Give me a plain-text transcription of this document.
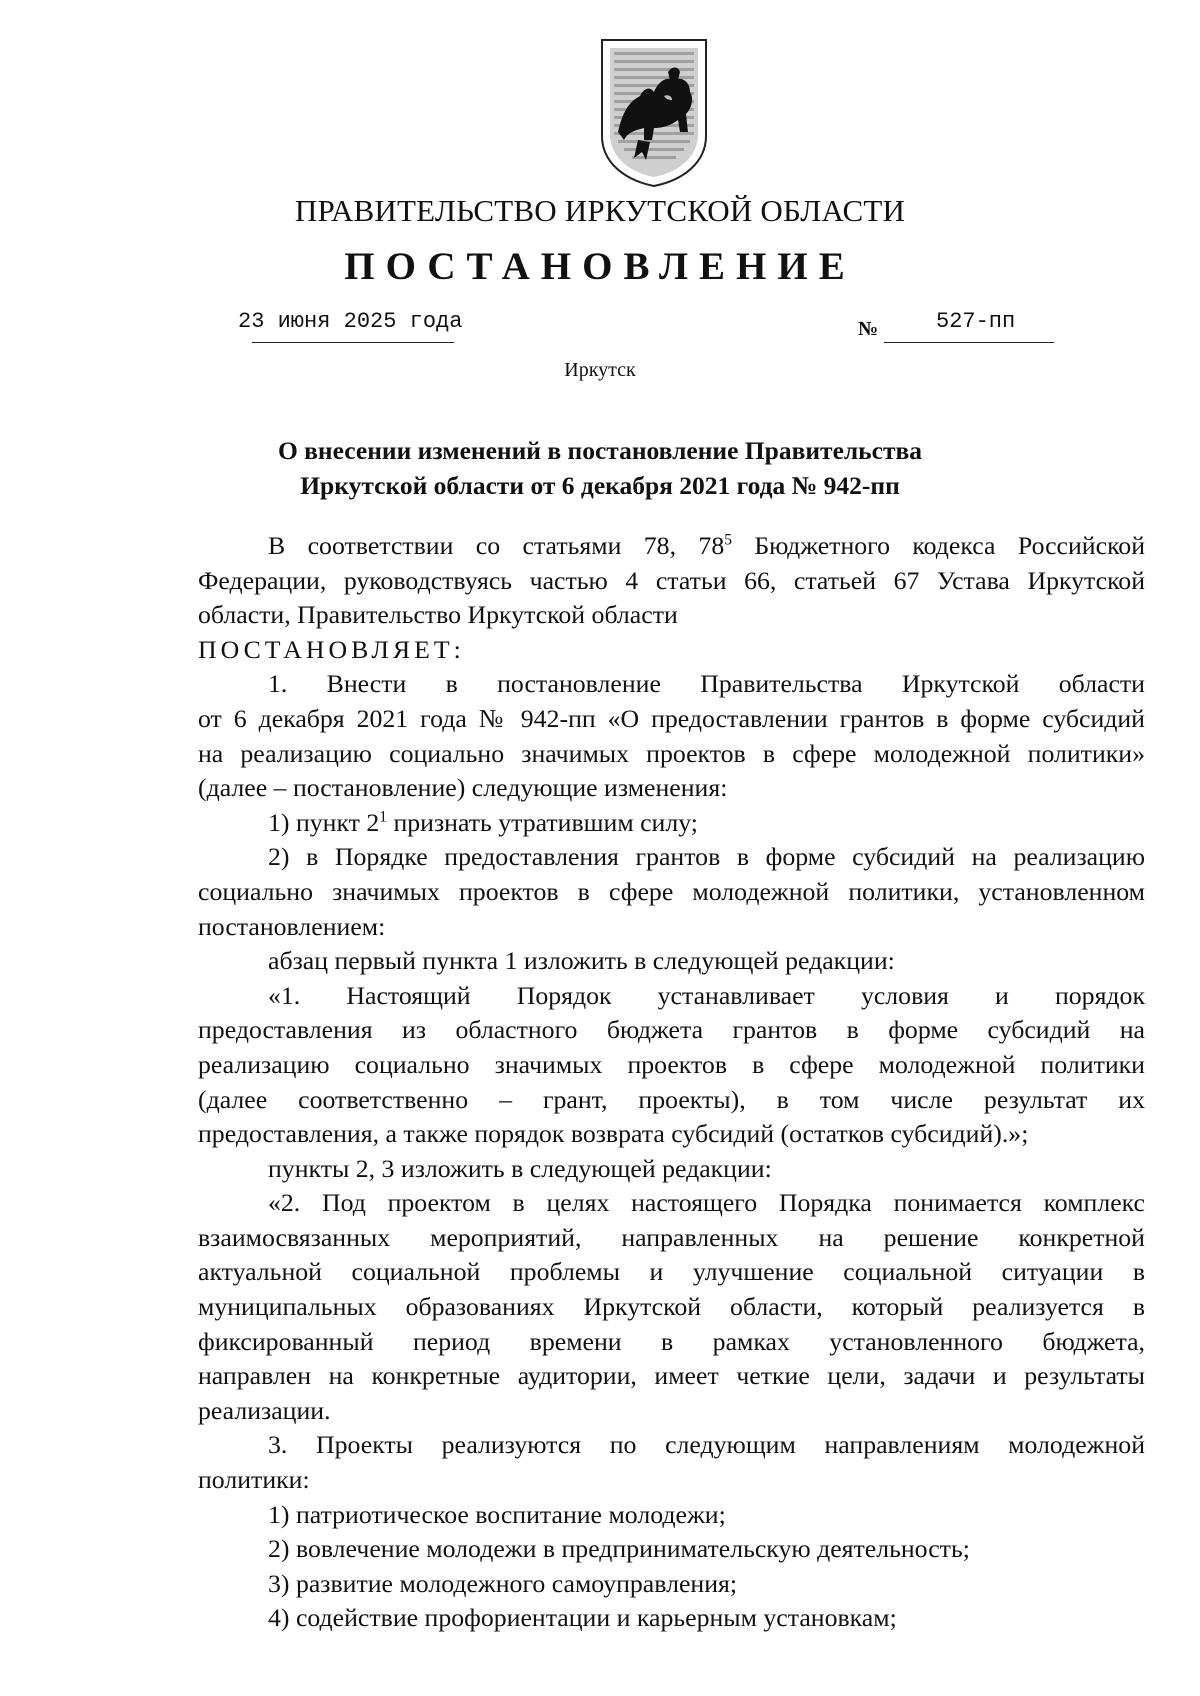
ПРАВИТЕЛЬСТВО ИРКУТСКОЙ ОБЛАСТИ
ПОСТАНОВЛЕНИЕ
23 июня 2025 года	№	527-пп
Иркутск
О внесении изменений в постановление Правительства
Иркутской области от 6 декабря 2021 года № 942-пп

В соответствии со статьями 78, $78^5$ Бюджетного кодекса Российской

Федерации, руководствуясь частью 4 статьи 66, статьей 67 Устава Иркутской

области, Правительство Иркутской области

ПОСТАНОВЛЯЕТ:

1. Внести в постановление Правительства Иркутской области

от 6 декабря 2021 года № 942-пп «О предоставлении грантов в форме субсидий

на реализацию социально значимых проектов в сфере молодежной политики»

(далее – постановление) следующие изменения:

1) пункт $2^1$ признать утратившим силу;

2) в Порядке предоставления грантов в форме субсидий на реализацию

социально значимых проектов в сфере молодежной политики, установленном

постановлением:

абзац первый пункта 1 изложить в следующей редакции:

«1. Настоящий Порядок устанавливает условия и порядок

предоставления из областного бюджета грантов в форме субсидий на

реализацию социально значимых проектов в сфере молодежной политики

(далее соответственно – грант, проекты), в том числе результат их

предоставления, а также порядок возврата субсидий (остатков субсидий).»;

пункты 2, 3 изложить в следующей редакции:

«2. Под проектом в целях настоящего Порядка понимается комплекс

взаимосвязанных мероприятий, направленных на решение конкретной

актуальной социальной проблемы и улучшение социальной ситуации в

муниципальных образованиях Иркутской области, который реализуется в

фиксированный период времени в рамках установленного бюджета,

направлен на конкретные аудитории, имеет четкие цели, задачи и результаты

реализации.

3. Проекты реализуются по следующим направлениям молодежной

политики:

1) патриотическое воспитание молодежи;

2) вовлечение молодежи в предпринимательскую деятельность;

3) развитие молодежного самоуправления;

4) содействие профориентации и карьерным установкам;
